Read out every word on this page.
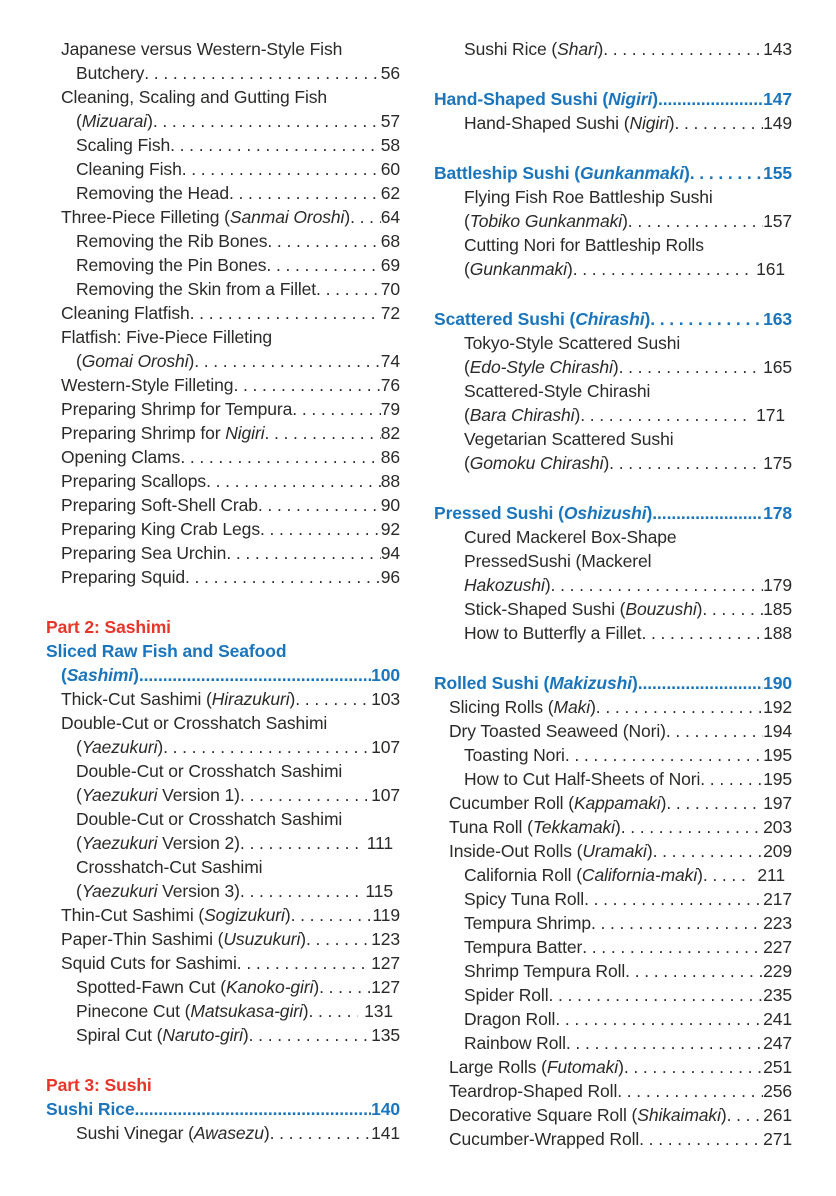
Japanese versus Western-Style Fish
Butchery . . .	56
Cleaning, Scaling and Gutting Fish
(Mizuarai) . . .	57
Scaling Fish . . .	58
Cleaning Fish . . .	60
Removing the Head . . .	62
Three-Piece Filleting (Sanmai Oroshi) . . . 64
Removing the Rib Bones . . .	68
Removing the Pin Bones . . .	69
Removing the Skin from a Fillet . . .	70
Cleaning Flatfish . . .	72
Flatfish: Five-Piece Filleting
(Gomai Oroshi) . . .	74
Western-Style Filleting . . .	76
Preparing Shrimp for Tempura . . .	79
Preparing Shrimp for Nigiri . . .	82
Opening Clams . . .	86
Preparing Scallops . . .	88
Preparing Soft-Shell Crab . . .	90
Preparing King Crab Legs . . .	92
Preparing Sea Urchin . . .	94
Preparing Squid . . .	96
Part 2: Sashimi
Sliced Raw Fish and Seafood
(Sashimi) .....	100
Thick-Cut Sashimi (Hirazukuri) . . .	103
Double-Cut or Crosshatch Sashimi
(Yaezukuri) . . .	107
Double-Cut or Crosshatch Sashimi
(Yaezukuri Version 1) . . .	107
Double-Cut or Crosshatch Sashimi
(Yaezukuri Version 2) . . .	111
Crosshatch-Cut Sashimi
(Yaezukuri Version 3) . . .	115
Thin-Cut Sashimi (Sogizukuri) . . .	119
Paper-Thin Sashimi (Usuzukuri) . . .	123
Squid Cuts for Sashimi . . .	127
Spotted-Fawn Cut (Kanoko-giri) . . .	127
Pinecone Cut (Matsukasa-giri) . . .	131
Spiral Cut (Naruto-giri) . . .	135
Part 3: Sushi
Sushi Rice .....	140
Sushi Vinegar (Awasezu) . . .	141
Sushi Rice (Shari) . . .	143
Hand-Shaped Sushi (Nigiri) .....	147
Hand-Shaped Sushi (Nigiri) . . .	149
Battleship Sushi (Gunkanmaki) . . .	155
Flying Fish Roe Battleship Sushi
(Tobiko Gunkanmaki) . . .	157
Cutting Nori for Battleship Rolls
(Gunkanmaki) . . .	161
Scattered Sushi (Chirashi) . . .	163
Tokyo-Style Scattered Sushi
(Edo-Style Chirashi) . . .	165
Scattered-Style Chirashi
(Bara Chirashi) . . .	171
Vegetarian Scattered Sushi
(Gomoku Chirashi) . . .	175
Pressed Sushi (Oshizushi) .....	178
Cured Mackerel Box-Shape
PressedSushi (Mackerel
Hakozushi) . . .	179
Stick-Shaped Sushi (Bouzushi) . . .	185
How to Butterfly a Fillet . . .	188
Rolled Sushi (Makizushi) .....	190
Slicing Rolls (Maki) . . .	192
Dry Toasted Seaweed (Nori) . . .	194
Toasting Nori . . .	195
How to Cut Half-Sheets of Nori . . .	195
Cucumber Roll (Kappamaki) . . .	197
Tuna Roll (Tekkamaki) . . .	203
Inside-Out Rolls (Uramaki) . . .	209
California Roll (California-maki) . . .	211
Spicy Tuna Roll . . .	217
Tempura Shrimp . . .	223
Tempura Batter . . .	227
Shrimp Tempura Roll . . .	229
Spider Roll . . .	235
Dragon Roll . . .	241
Rainbow Roll . . .	247
Large Rolls (Futomaki) . . .	251
Teardrop-Shaped Roll . . .	256
Decorative Square Roll (Shikaimaki) . . . 261
Cucumber-Wrapped Roll . . .	271
